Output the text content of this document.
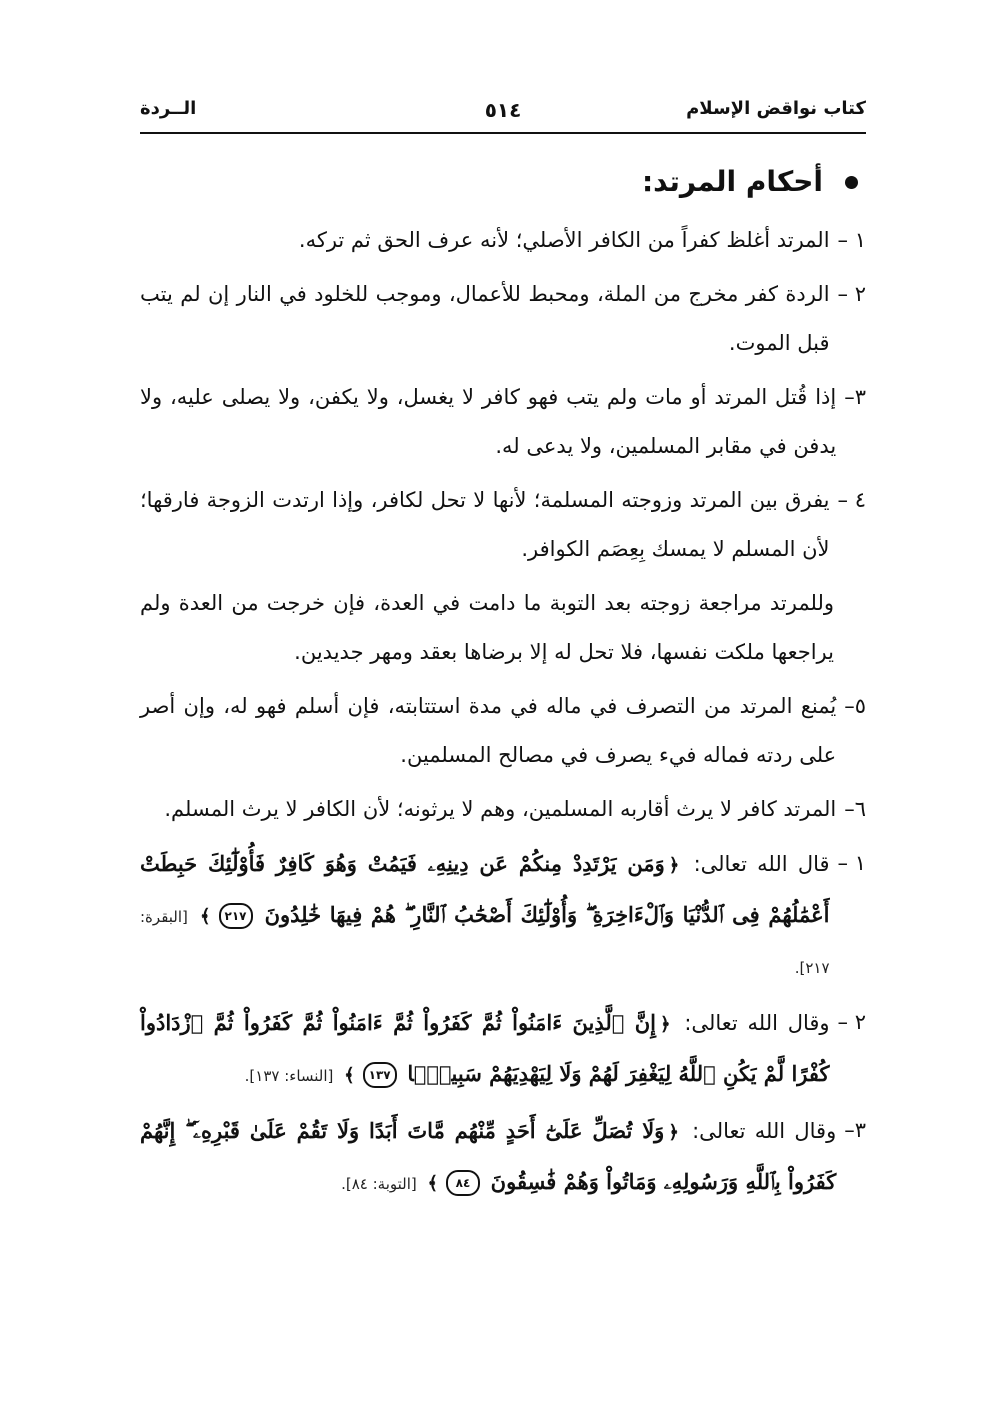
كتاب نواقض الإسلام
٥١٤
الــردة
أحكام المرتد:
١ –
المرتد أغلظ كفراً من الكافر الأصلي؛ لأنه عرف الحق ثم تركه.
٢ –
الردة كفر مخرج من الملة، ومحبط للأعمال، وموجب للخلود في النار إن لم يتب قبل الموت.
٣–
إذا قُتل المرتد أو مات ولم يتب فهو كافر لا يغسل، ولا يكفن، ولا يصلى عليه، ولا يدفن في مقابر المسلمين، ولا يدعى له.
٤ –
يفرق بين المرتد وزوجته المسلمة؛ لأنها لا تحل لكافر، وإذا ارتدت الزوجة فارقها؛ لأن المسلم لا يمسك بِعِصَم الكوافر.
وللمرتد مراجعة زوجته بعد التوبة ما دامت في العدة، فإن خرجت من العدة ولم يراجعها ملكت نفسها، فلا تحل له إلا برضاها بعقد ومهر جديدين.
٥–
يُمنع المرتد من التصرف في ماله في مدة استتابته، فإن أسلم فهو له، وإن أصر على ردته فماله فيء يصرف في مصالح المسلمين.
٦–
المرتد كافر لا يرث أقاربه المسلمين، وهم لا يرثونه؛ لأن الكافر لا يرث المسلم.
١ –
قال الله تعالى: ﴿وَمَن يَرْتَدِدْ مِنكُمْ عَن دِينِهِۦ فَيَمُتْ وَهُوَ كَافِرٌ فَأُوْلَٰٓئِكَ حَبِطَتْ أَعْمَٰلُهُمْ فِى ٱلدُّنْيَا وَٱلْءَاخِرَةِ ۖ وَأُوْلَٰٓئِكَ أَصْحَٰبُ ٱلنَّارِ ۖ هُمْ فِيهَا خَٰلِدُونَ ٢١٧﴾ [البقرة: ٢١٧].
٢ –
وقال الله تعالى: ﴿إِنَّ ٱلَّذِينَ ءَامَنُواْ ثُمَّ كَفَرُواْ ثُمَّ ءَامَنُواْ ثُمَّ كَفَرُواْ ثُمَّ ٱزْدَادُواْ كُفْرًا لَّمْ يَكُنِ ٱللَّهُ لِيَغْفِرَ لَهُمْ وَلَا لِيَهْدِيَهُمْ سَبِيلًۢا ١٣٧﴾ [النساء: ١٣٧].
٣–
وقال الله تعالى: ﴿وَلَا تُصَلِّ عَلَىٰٓ أَحَدٍ مِّنْهُم مَّاتَ أَبَدًا وَلَا تَقُمْ عَلَىٰ قَبْرِهِۦٓ ۖ إِنَّهُمْ كَفَرُواْ بِٱللَّهِ وَرَسُولِهِۦ وَمَاتُواْ وَهُمْ فَٰسِقُونَ ٨٤﴾ [التوبة: ٨٤].
